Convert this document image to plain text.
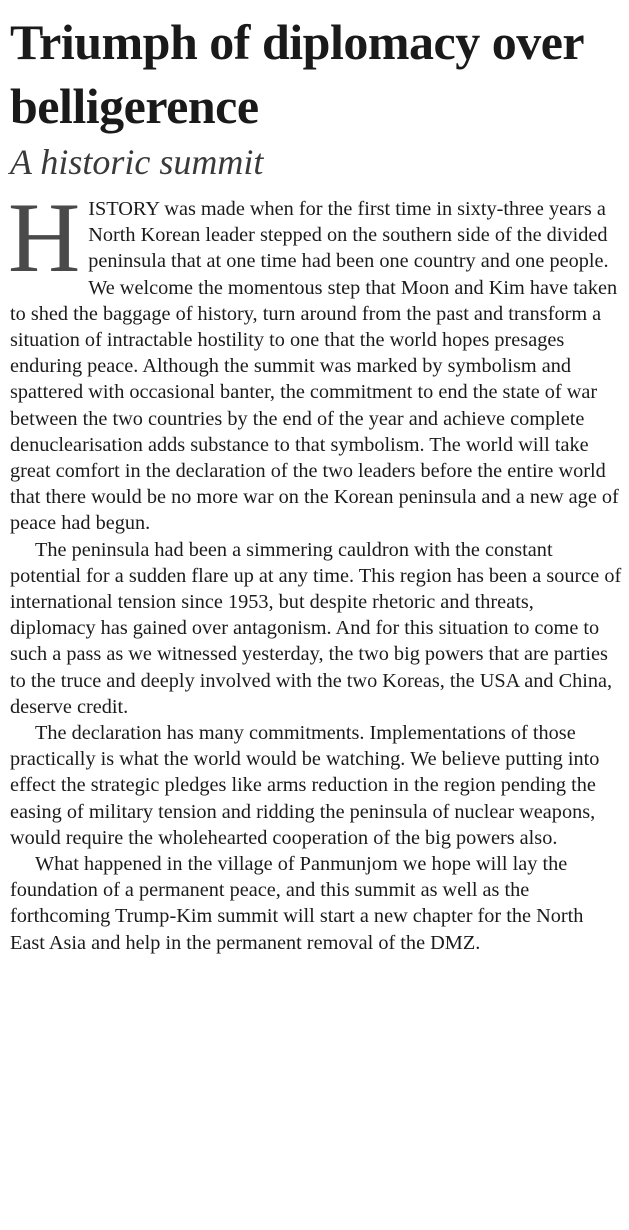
Triumph of diplomacy over belligerence
A historic summit

HISTORY was made when for the first time in sixty-three years a North Korean leader stepped on the southern side of the divided peninsula that at one time had been one country and one people. We welcome the momentous step that Moon and Kim have taken to shed the baggage of history, turn around from the past and transform a situation of intractable hostility to one that the world hopes presages enduring peace. Although the summit was marked by symbolism and spattered with occasional banter, the commitment to end the state of war between the two countries by the end of the year and achieve complete denuclearisation adds substance to that symbolism. The world will take great comfort in the declaration of the two leaders before the entire world that there would be no more war on the Korean peninsula and a new age of peace had begun.

The peninsula had been a simmering cauldron with the constant potential for a sudden flare up at any time. This region has been a source of international tension since 1953, but despite rhetoric and threats, diplomacy has gained over antagonism. And for this situation to come to such a pass as we witnessed yesterday, the two big powers that are parties to the truce and deeply involved with the two Koreas, the USA and China, deserve credit.

The declaration has many commitments. Implementations of those practically is what the world would be watching. We believe putting into effect the strategic pledges like arms reduction in the region pending the easing of military tension and ridding the peninsula of nuclear weapons, would require the wholehearted cooperation of the big powers also.

What happened in the village of Panmunjom we hope will lay the foundation of a permanent peace, and this summit as well as the forthcoming Trump-Kim summit will start a new chapter for the North East Asia and help in the permanent removal of the DMZ.
